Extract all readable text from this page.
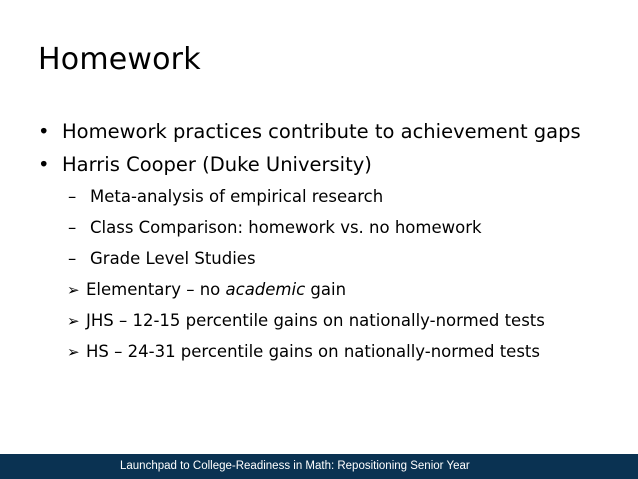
Homework
• Homework practices contribute to achievement gaps
• Harris Cooper (Duke University)
– Meta-analysis of empirical research
– Class Comparison: homework vs. no homework
– Grade Level Studies
➢ Elementary – no academic gain
➢ JHS – 12-15 percentile gains on nationally-normed tests
➢ HS – 24-31 percentile gains on nationally-normed tests
Launchpad to College-Readiness in Math: Repositioning Senior Year
